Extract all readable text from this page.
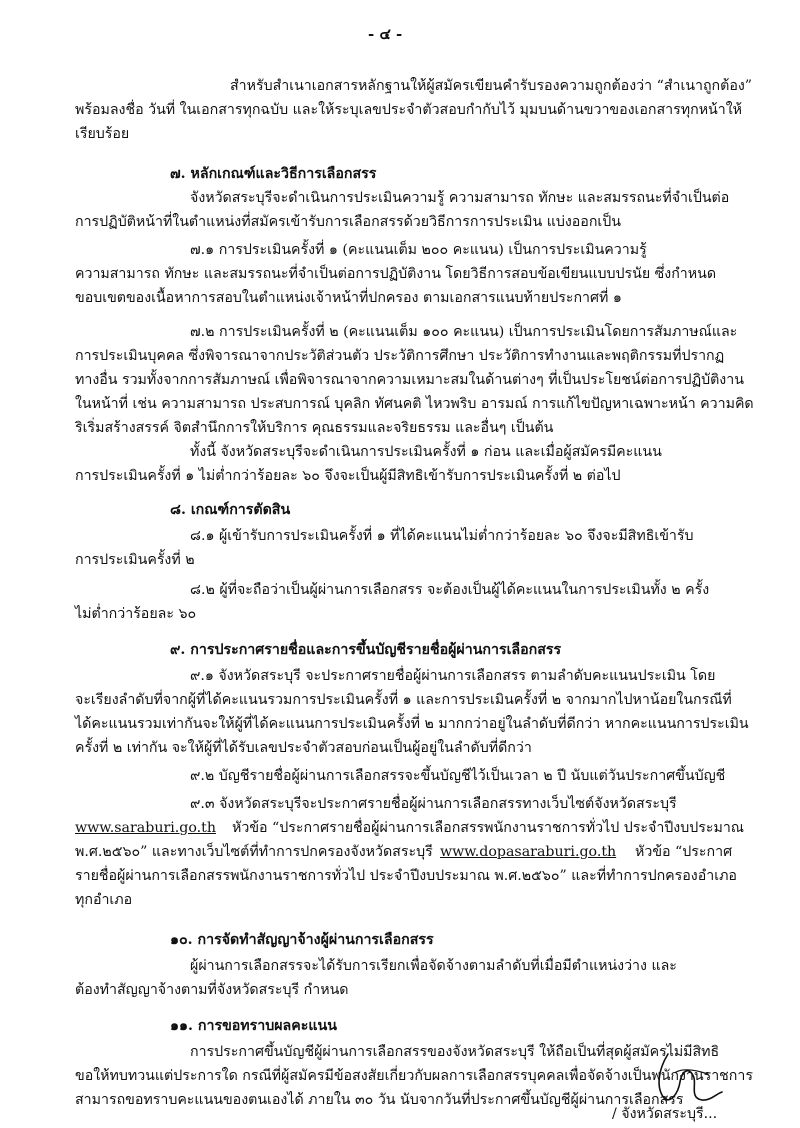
- ๔ -
สำหรับสำเนาเอกสารหลักฐานให้ผู้สมัครเขียนคำรับรองความถูกต้องว่า “สำเนาถูกต้อง”
พร้อมลงชื่อ วันที่ ในเอกสารทุกฉบับ และให้ระบุเลขประจำตัวสอบกำกับไว้ มุมบนด้านขวาของเอกสารทุกหน้าให้
เรียบร้อย
๗. หลักเกณฑ์และวิธีการเลือกสรร
จังหวัดสระบุรีจะดำเนินการประเมินความรู้ ความสามารถ ทักษะ และสมรรถนะที่จำเป็นต่อ
การปฏิบัติหน้าที่ในตำแหน่งที่สมัครเข้ารับการเลือกสรรด้วยวิธีการการประเมิน แบ่งออกเป็น
๗.๑ การประเมินครั้งที่ ๑ (คะแนนเต็ม ๒๐๐ คะแนน) เป็นการประเมินความรู้
ความสามารถ ทักษะ และสมรรถนะที่จำเป็นต่อการปฏิบัติงาน โดยวิธีการสอบข้อเขียนแบบปรนัย ซึ่งกำหนด
ขอบเขตของเนื้อหาการสอบในตำแหน่งเจ้าหน้าที่ปกครอง ตามเอกสารแนบท้ายประกาศที่ ๑
๗.๒ การประเมินครั้งที่ ๒ (คะแนนเต็ม ๑๐๐ คะแนน) เป็นการประเมินโดยการสัมภาษณ์และ
การประเมินบุคคล ซึ่งพิจารณาจากประวัติส่วนตัว ประวัติการศึกษา ประวัติการทำงานและพฤติกรรมที่ปรากฏ
ทางอื่น รวมทั้งจากการสัมภาษณ์ เพื่อพิจารณาจากความเหมาะสมในด้านต่างๆ ที่เป็นประโยชน์ต่อการปฏิบัติงาน
ในหน้าที่ เช่น ความสามารถ ประสบการณ์ บุคลิก ทัศนคติ ไหวพริบ อารมณ์ การแก้ไขปัญหาเฉพาะหน้า ความคิด
ริเริ่มสร้างสรรค์ จิตสำนึกการให้บริการ คุณธรรมและจริยธรรม และอื่นๆ เป็นต้น
ทั้งนี้ จังหวัดสระบุรีจะดำเนินการประเมินครั้งที่ ๑ ก่อน และเมื่อผู้สมัครมีคะแนน
การประเมินครั้งที่ ๑ ไม่ต่ำกว่าร้อยละ ๖๐ จึงจะเป็นผู้มีสิทธิเข้ารับการประเมินครั้งที่ ๒ ต่อไป
๘. เกณฑ์การตัดสิน
๘.๑ ผู้เข้ารับการประเมินครั้งที่ ๑ ที่ได้คะแนนไม่ต่ำกว่าร้อยละ ๖๐ จึงจะมีสิทธิเข้ารับ
การประเมินครั้งที่ ๒
๘.๒ ผู้ที่จะถือว่าเป็นผู้ผ่านการเลือกสรร จะต้องเป็นผู้ได้คะแนนในการประเมินทั้ง ๒ ครั้ง
ไม่ต่ำกว่าร้อยละ ๖๐
๙. การประกาศรายชื่อและการขึ้นบัญชีรายชื่อผู้ผ่านการเลือกสรร
๙.๑ จังหวัดสระบุรี จะประกาศรายชื่อผู้ผ่านการเลือกสรร ตามลำดับคะแนนประเมิน โดย
จะเรียงลำดับที่จากผู้ที่ได้คะแนนรวมการประเมินครั้งที่ ๑ และการประเมินครั้งที่ ๒ จากมากไปหาน้อยในกรณีที่
ได้คะแนนรวมเท่ากันจะให้ผู้ที่ได้คะแนนการประเมินครั้งที่ ๒ มากกว่าอยู่ในลำดับที่ดีกว่า หากคะแนนการประเมิน
ครั้งที่ ๒ เท่ากัน จะให้ผู้ที่ได้รับเลขประจำตัวสอบก่อนเป็นผู้อยู่ในลำดับที่ดีกว่า
๙.๒ บัญชีรายชื่อผู้ผ่านการเลือกสรรจะขึ้นบัญชีไว้เป็นเวลา ๒ ปี นับแต่วันประกาศขึ้นบัญชี
๙.๓ จังหวัดสระบุรีจะประกาศรายชื่อผู้ผ่านการเลือกสรรทางเว็บไซต์จังหวัดสระบุรี
www.saraburi.go.th หัวข้อ “ประกาศรายชื่อผู้ผ่านการเลือกสรรพนักงานราชการทั่วไป ประจำปีงบประมาณ
พ.ศ.๒๕๖๐” และทางเว็บไซต์ที่ทำการปกครองจังหวัดสระบุรี www.dopasaraburi.go.th หัวข้อ “ประกาศ
รายชื่อผู้ผ่านการเลือกสรรพนักงานราชการทั่วไป ประจำปีงบประมาณ พ.ศ.๒๕๖๐” และที่ทำการปกครองอำเภอ
ทุกอำเภอ
๑๐. การจัดทำสัญญาจ้างผู้ผ่านการเลือกสรร
ผู้ผ่านการเลือกสรรจะได้รับการเรียกเพื่อจัดจ้างตามลำดับที่เมื่อมีตำแหน่งว่าง และ
ต้องทำสัญญาจ้างตามที่จังหวัดสระบุรี กำหนด
๑๑. การขอทราบผลคะแนน
การประกาศขึ้นบัญชีผู้ผ่านการเลือกสรรของจังหวัดสระบุรี ให้ถือเป็นที่สุดผู้สมัครไม่มีสิทธิ
ขอให้ทบทวนแต่ประการใด กรณีที่ผู้สมัครมีข้อสงสัยเกี่ยวกับผลการเลือกสรรบุคคลเพื่อจัดจ้างเป็นพนักงานราชการ
สามารถขอทราบคะแนนของตนเองได้ ภายใน ๓๐ วัน นับจากวันที่ประกาศขึ้นบัญชีผู้ผ่านการเลือกสรร
/ จังหวัดสระบุรี...
